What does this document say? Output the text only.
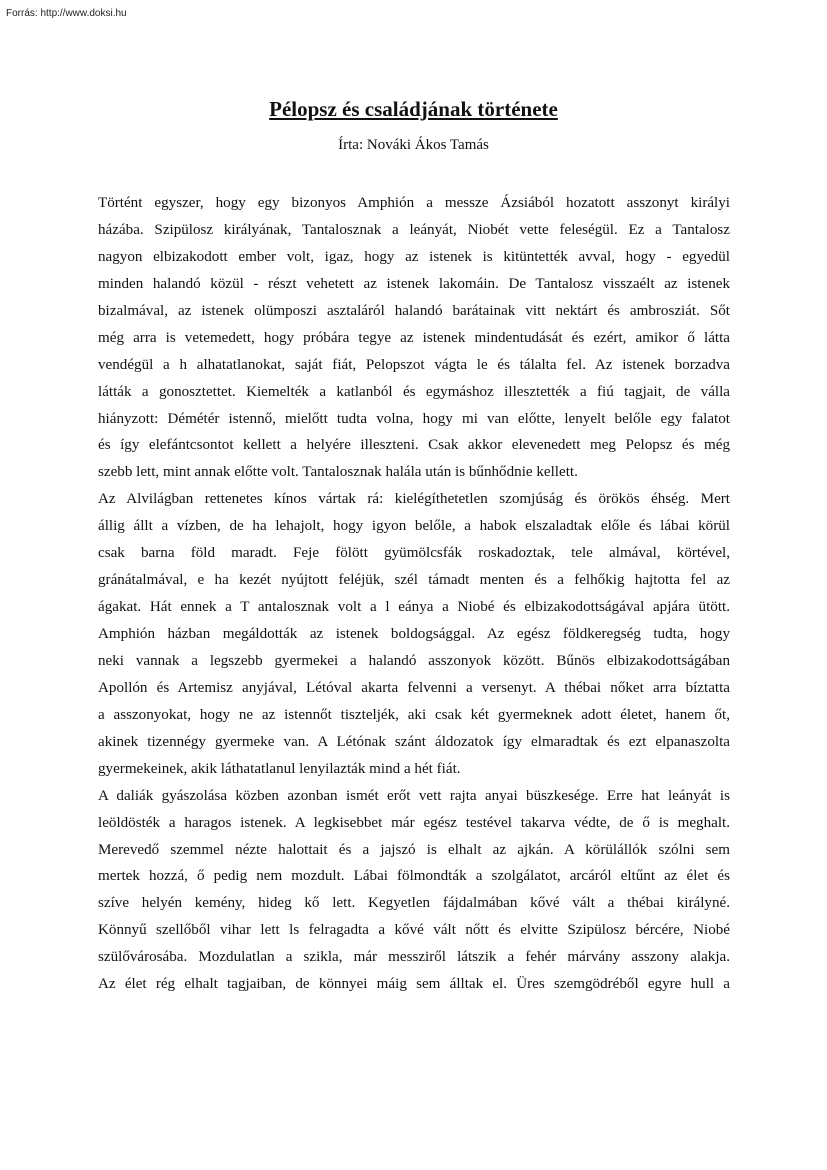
Forrás: http://www.doksi.hu
Pélopsz és családjának története
Írta: Nováki Ákos Tamás
Történt egyszer, hogy egy bizonyos Amphión a messze Ázsiából hozatott asszonyt királyi
házába. Szipülosz királyának, Tantalosznak a leányát, Niobét vette feleségül. Ez a Tantalosz
nagyon elbizakodott ember volt, igaz, hogy az istenek is kitüntették avval, hogy - egyedül
minden halandó közül - részt vehetett az istenek lakomáin. De Tantalosz visszaélt az istenek
bizalmával, az istenek olümposzi asztaláról halandó barátainak vitt nektárt és ambrosziát. Sőt
még arra is vetemedett, hogy próbára tegye az istenek mindentudását és ezért, amikor ő látta
vendégül a h alhatatlanokat, saját fiát, Pelopszot vágta le és tálalta fel. Az istenek borzadva
látták a gonosztettet. Kiemelték a katlanból és egymáshoz illesztették a fiú tagjait, de válla
hiányzott: Démétér istennő, mielőtt tudta volna, hogy mi van előtte, lenyelt belőle egy falatot
és így elefántcsontot kellett a helyére illeszteni. Csak akkor elevenedett meg Pelopsz és még
szebb lett, mint annak előtte volt. Tantalosznak halála után is bűnhődnie kellett.
Az Alvilágban rettenetes kínos vártak rá: kielégíthetetlen szomjúság és örökös éhség. Mert
állig állt a vízben, de ha lehajolt, hogy igyon belőle, a habok elszaladtak előle és lábai körül
csak barna föld maradt. Feje fölött gyümölcsfák roskadoztak, tele almával, körtével,
gránátalmával, e ha kezét nyújtott feléjük, szél támadt menten és a felhőkig hajtotta fel az
ágakat. Hát ennek a T antalosznak volt a l eánya a Niobé és elbizakodottságával apjára ütött.
Amphión házban megáldották az istenek boldogsággal. Az egész földkeregség tudta, hogy
neki vannak a legszebb gyermekei a halandó asszonyok között. Bűnös elbizakodottságában
Apollón és Artemisz anyjával, Létóval akarta felvenni a versenyt. A thébai nőket arra bíztatta
a asszonyokat, hogy ne az istennőt tiszteljék, aki csak két gyermeknek adott életet, hanem őt,
akinek tizennégy gyermeke van. A Létónak szánt áldozatok így elmaradtak és ezt elpanaszolta
gyermekeinek, akik láthatatlanul lenyilazták mind a hét fiát.
A daliák gyászolása közben azonban ismét erőt vett rajta anyai büszkesége. Erre hat leányát is
leöldösték a haragos istenek. A legkisebbet már egész testével takarva védte, de ő is meghalt.
Merevedő szemmel nézte halottait és a jajszó is elhalt az ajkán. A körülállók szólni sem
mertek hozzá, ő pedig nem mozdult. Lábai fölmondták a szolgálatot, arcáról eltűnt az élet és
szíve helyén kemény, hideg kő lett. Kegyetlen fájdalmában kővé vált a thébai királyné.
Könnyű szellőből vihar lett ls felragadta a kővé vált nőtt és elvitte Szipülosz bércére, Niobé
szülővárosába. Mozdulatlan a szikla, már messziről látszik a fehér márvány asszony alakja.
Az élet rég elhalt tagjaiban, de könnyei máig sem álltak el. Üres szemgödréből egyre hull a
